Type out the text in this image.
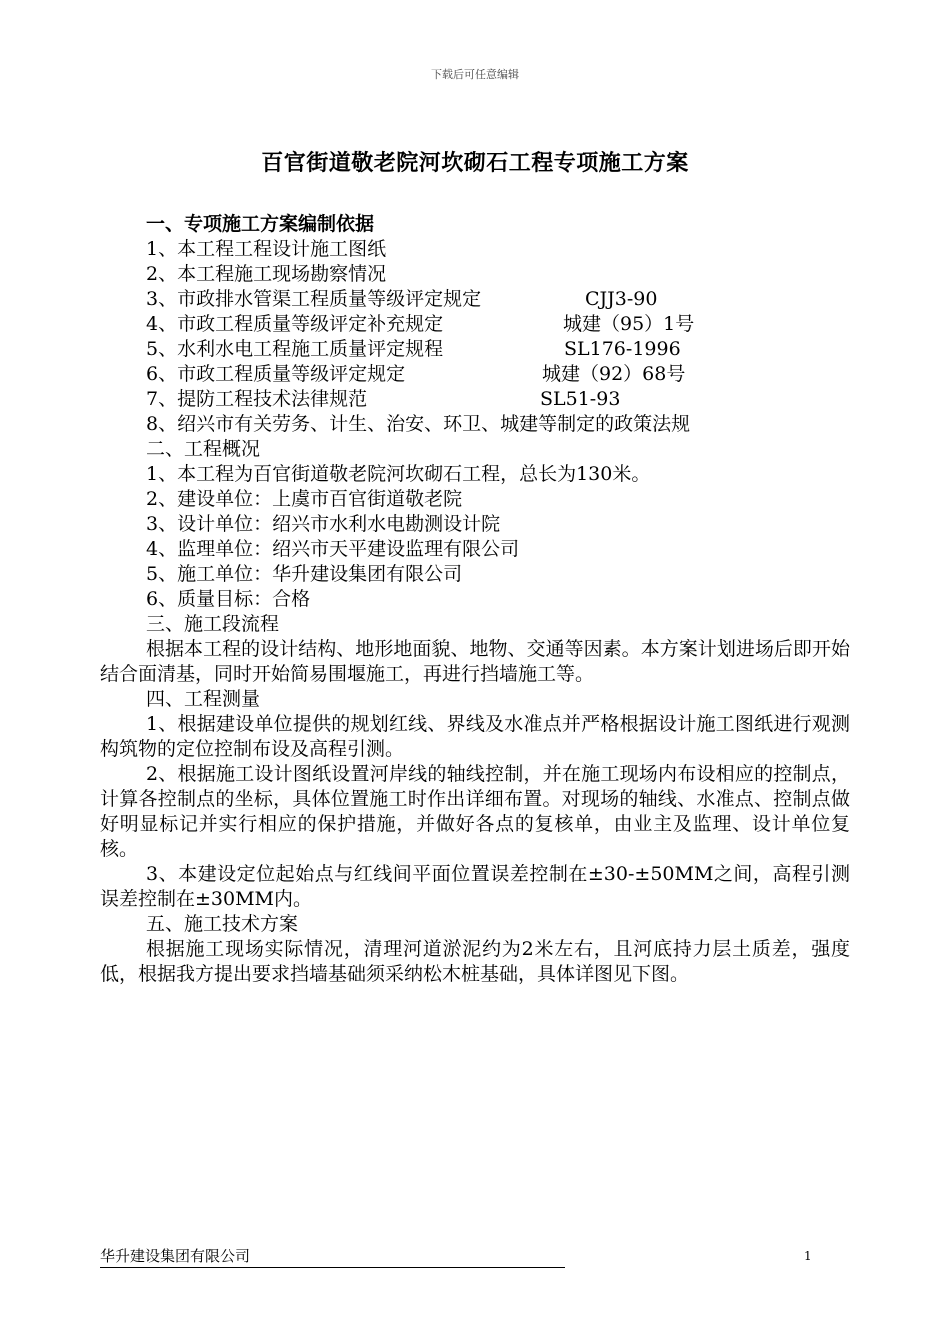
下载后可任意编辑
百官街道敬老院河坎砌石工程专项施工方案
一、专项施工方案编制依据
1、本工程工程设计施工图纸
2、本工程施工现场勘察情况
3、市政排水管渠工程质量等级评定规定	CJJ3-90
4、市政工程质量等级评定补充规定	城建（95）1号
5、水利水电工程施工质量评定规程	SL176-1996
6、市政工程质量等级评定规定	城建（92）68号
7、提防工程技术法律规范	SL51-93
8、绍兴市有关劳务、计生、治安、环卫、城建等制定的政策法规
二、工程概况
1、本工程为百官街道敬老院河坎砌石工程，总长为130米。
2、建设单位：上虞市百官街道敬老院
3、设计单位：绍兴市水利水电勘测设计院
4、监理单位：绍兴市天平建设监理有限公司
5、施工单位：华升建设集团有限公司
6、质量目标：合格
三、施工段流程
根据本工程的设计结构、地形地面貌、地物、交通等因素。本方案计划进场后即开始结合面清基，同时开始简易围堰施工，再进行挡墙施工等。
四、工程测量
1、根据建设单位提供的规划红线、界线及水准点并严格根据设计施工图纸进行观测构筑物的定位控制布设及高程引测。
2、根据施工设计图纸设置河岸线的轴线控制，并在施工现场内布设相应的控制点，计算各控制点的坐标，具体位置施工时作出详细布置。对现场的轴线、水准点、控制点做好明显标记并实行相应的保护措施，并做好各点的复核单，由业主及监理、设计单位复核。
3、本建设定位起始点与红线间平面位置误差控制在±30-±50MM之间，高程引测误差控制在±30MM内。
五、施工技术方案
根据施工现场实际情况，清理河道淤泥约为2米左右，且河底持力层土质差，强度低，根据我方提出要求挡墙基础须采纳松木桩基础，具体详图见下图。
华升建设集团有限公司	1
